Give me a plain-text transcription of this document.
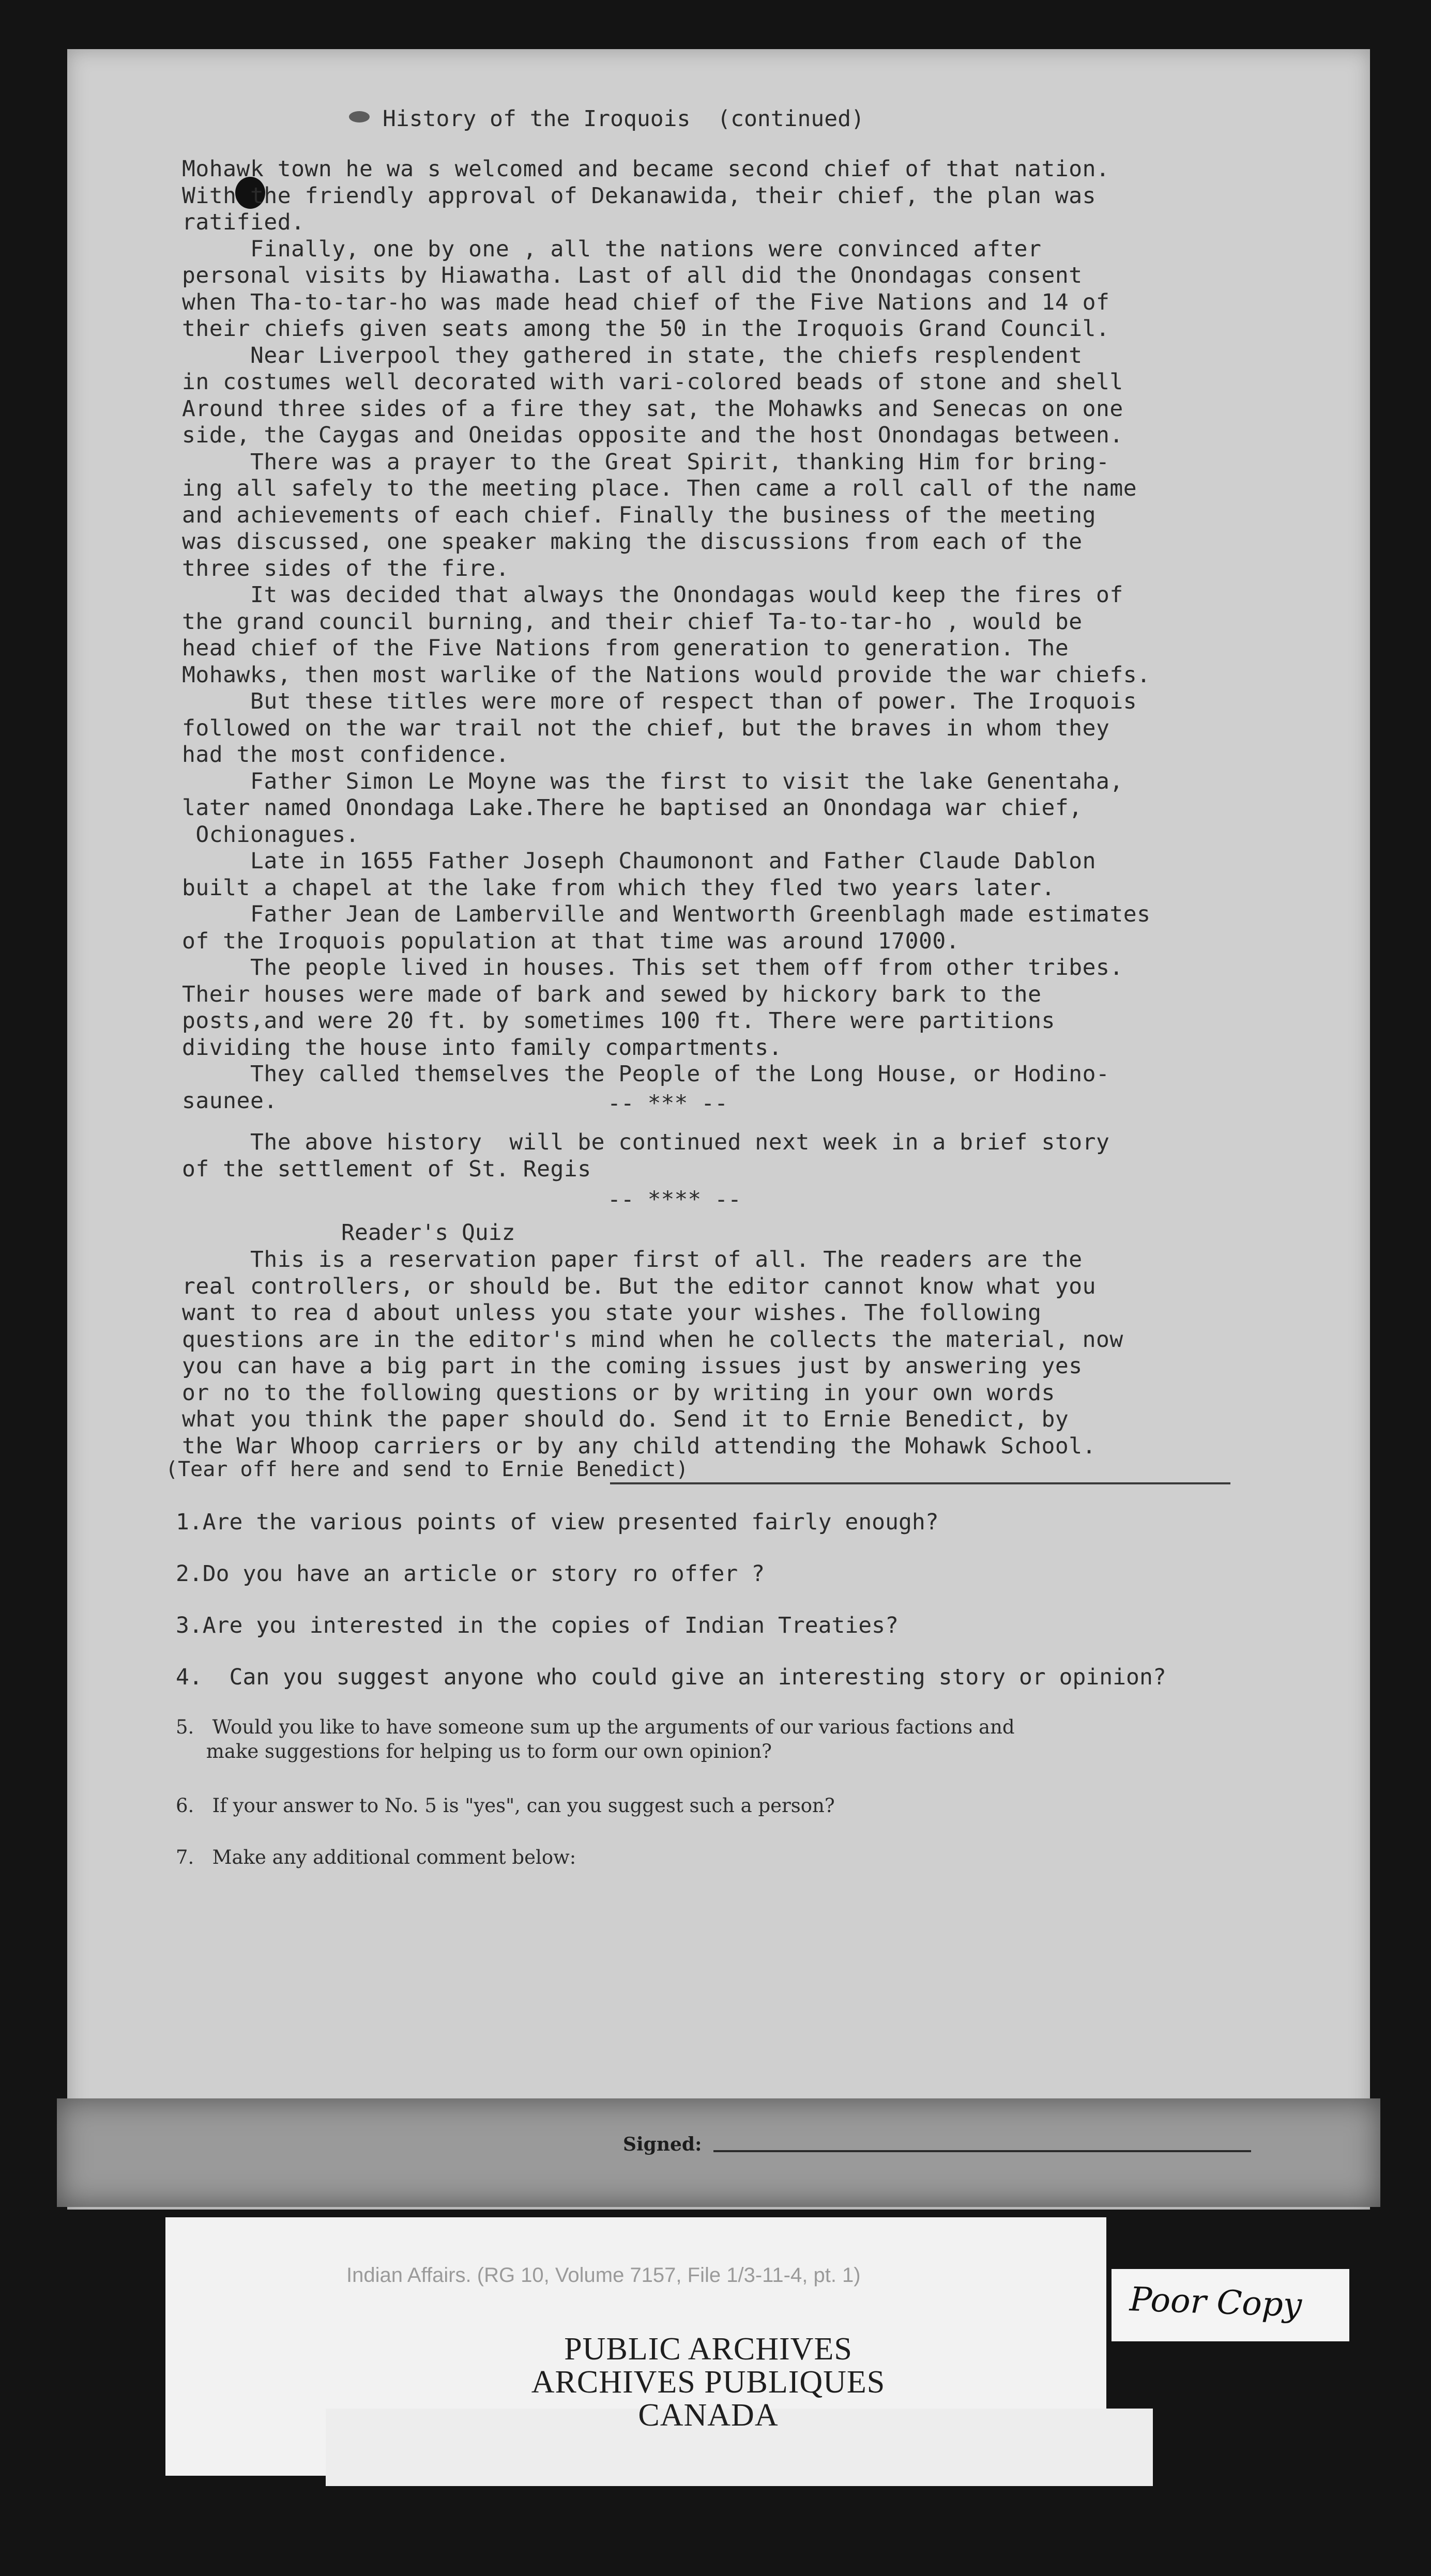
History of the Iroquois  (continued)
Mohawk town he wa s welcomed and became second chief of that nation.
With the friendly approval of Dekanawida, their chief, the plan was
ratified.
Finally, one by one , all the nations were convinced after
personal visits by Hiawatha. Last of all did the Onondagas consent
when Tha-to-tar-ho was made head chief of the Five Nations and 14 of
their chiefs given seats among the 50 in the Iroquois Grand Council.
Near Liverpool they gathered in state, the chiefs resplendent
in costumes well decorated with vari-colored beads of stone and shell
Around three sides of a fire they sat, the Mohawks and Senecas on one
side, the Caygas and Oneidas opposite and the host Onondagas between.
There was a prayer to the Great Spirit, thanking Him for bring-
ing all safely to the meeting place. Then came a roll call of the name
and achievements of each chief. Finally the business of the meeting
was discussed, one speaker making the discussions from each of the
three sides of the fire.
It was decided that always the Onondagas would keep the fires of
the grand council burning, and their chief Ta-to-tar-ho , would be
head chief of the Five Nations from generation to generation. The
Mohawks, then most warlike of the Nations would provide the war chiefs.
But these titles were more of respect than of power. The Iroquois
followed on the war trail not the chief, but the braves in whom they
had the most confidence.
Father Simon Le Moyne was the first to visit the lake Genentaha,
later named Onondaga Lake.There he baptised an Onondaga war chief,
Ochionagues.
Late in 1655 Father Joseph Chaumonont and Father Claude Dablon
built a chapel at the lake from which they fled two years later.
Father Jean de Lamberville and Wentworth Greenblagh made estimates
of the Iroquois population at that time was around 17000.
The people lived in houses. This set them off from other tribes.
Their houses were made of bark and sewed by hickory bark to the
posts,and were 20 ft. by sometimes 100 ft. There were partitions
dividing the house into family compartments.
They called themselves the People of the Long House, or Hodino-
saunee.	-- *** --
The above history  will be continued next week in a brief story
of the settlement of St. Regis
-- **** --
Reader's Quiz
This is a reservation paper first of all. The readers are the
real controllers, or should be. But the editor cannot know what you
want to rea d about unless you state your wishes. The following
questions are in the editor's mind when he collects the material, now
you can have a big part in the coming issues just by answering yes
or no to the following questions or by writing in your own words
what you think the paper should do. Send it to Ernie Benedict, by
the War Whoop carriers or by any child attending the Mohawk School.
(Tear off here and send to Ernie Benedict)
1.Are the various points of view presented fairly enough?
2.Do you have an article or story ro offer ?
3.Are you interested in the copies of Indian Treaties?
4.  Can you suggest anyone who could give an interesting story or opinion?
5.   Would you like to have someone sum up the arguments of our various factions and
make suggestions for helping us to form our own opinion?
6.   If your answer to No. 5 is "yes", can you suggest such a person?
7.   Make any additional comment below:
Signed:
Indian Affairs. (RG 10, Volume 7157, File 1/3-11-4, pt. 1)
PUBLIC ARCHIVES
ARCHIVES PUBLIQUES
CANADA
Poor Copy
